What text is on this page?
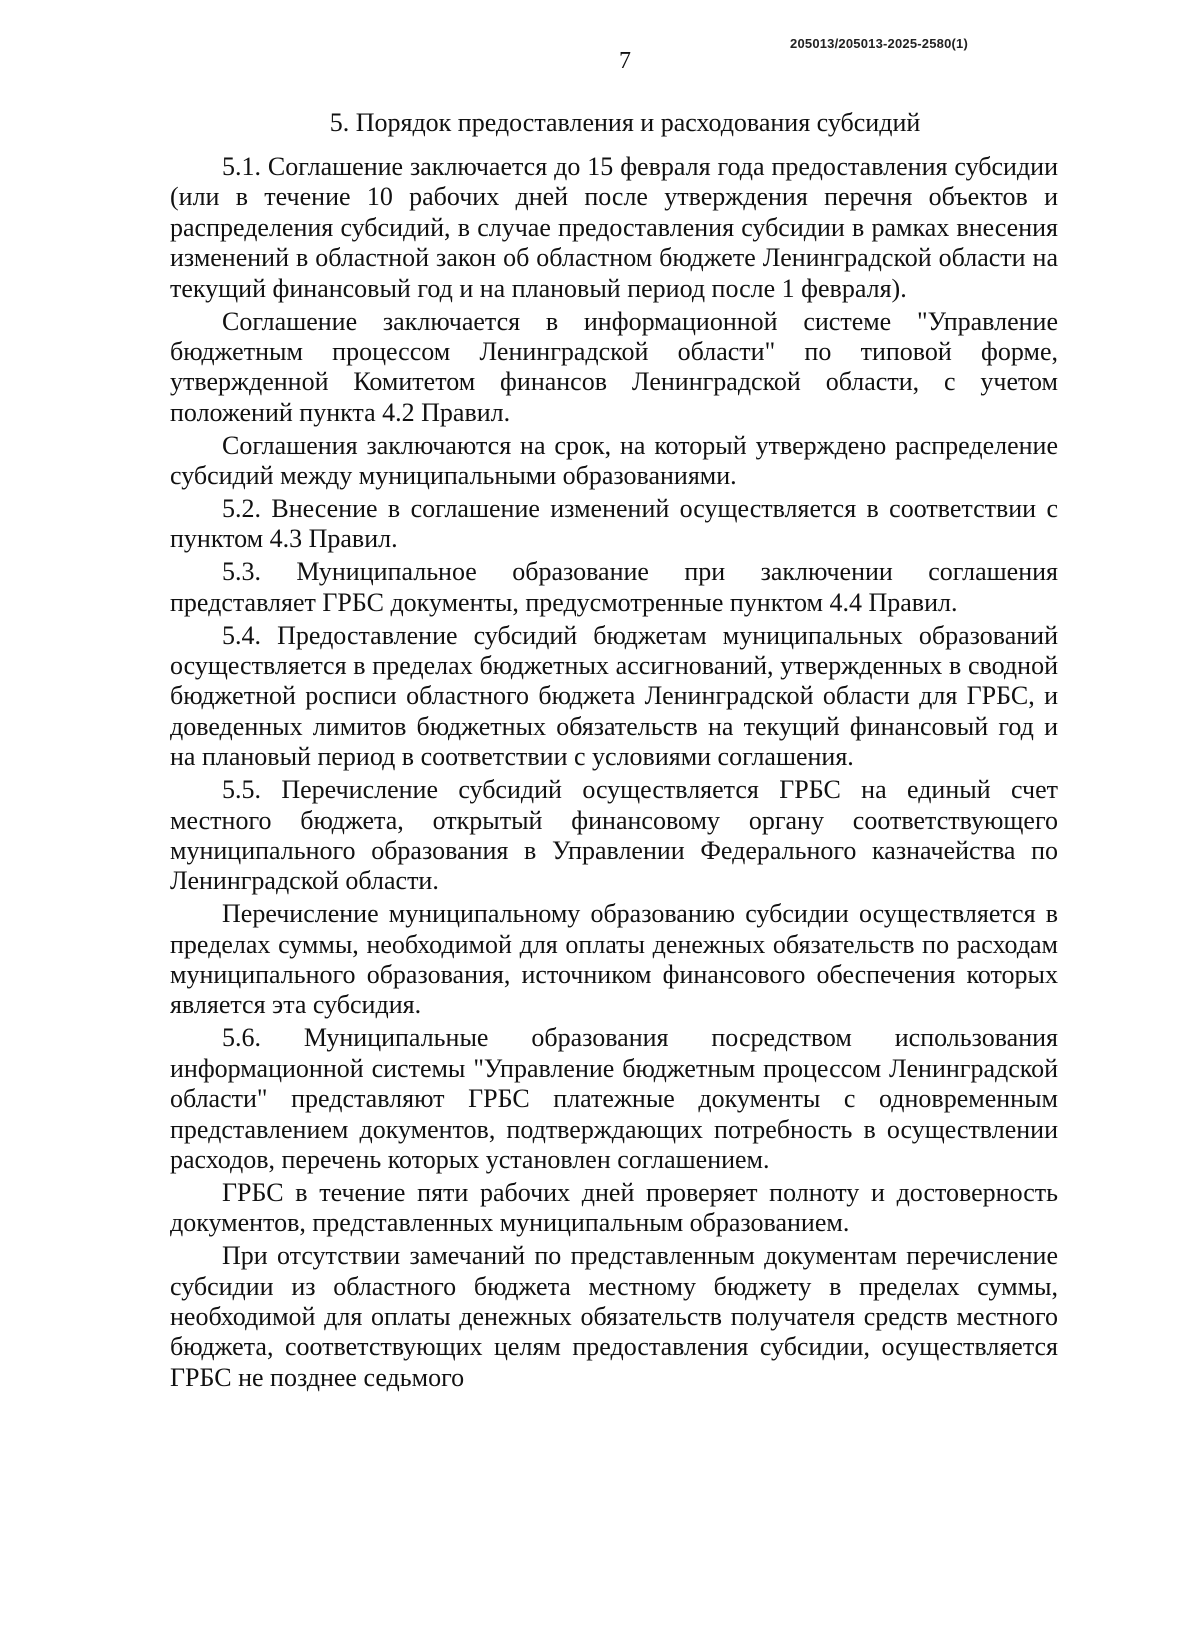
205013/205013-2025-2580(1)
7
5. Порядок предоставления и расходования субсидий

5.1. Соглашение заключается до 15 февраля года предоставления субсидии (или в течение 10 рабочих дней после утверждения перечня объектов и распределения субсидий, в случае предоставления субсидии в рамках внесения изменений в областной закон об областном бюджете Ленинградской области на текущий финансовый год и на плановый период после 1 февраля).

Соглашение заключается в информационной системе "Управление бюджетным процессом Ленинградской области" по типовой форме, утвержденной Комитетом финансов Ленинградской области, с учетом положений пункта 4.2 Правил.

Соглашения заключаются на срок, на который утверждено распределение субсидий между муниципальными образованиями.

5.2. Внесение в соглашение изменений осуществляется в соответствии с пунктом 4.3 Правил.

5.3. Муниципальное образование при заключении соглашения представляет ГРБС документы, предусмотренные пунктом 4.4 Правил.

5.4. Предоставление субсидий бюджетам муниципальных образований осуществляется в пределах бюджетных ассигнований, утвержденных в сводной бюджетной росписи областного бюджета Ленинградской области для ГРБС, и доведенных лимитов бюджетных обязательств на текущий финансовый год и на плановый период в соответствии с условиями соглашения.

5.5. Перечисление субсидий осуществляется ГРБС на единый счет местного бюджета, открытый финансовому органу соответствующего муниципального образования в Управлении Федерального казначейства по Ленинградской области.

Перечисление муниципальному образованию субсидии осуществляется в пределах суммы, необходимой для оплаты денежных обязательств по расходам муниципального образования, источником финансового обеспечения которых является эта субсидия.

5.6. Муниципальные образования посредством использования информационной системы "Управление бюджетным процессом Ленинградской области" представляют ГРБС платежные документы с одновременным представлением документов, подтверждающих потребность в осуществлении расходов, перечень которых установлен соглашением.

ГРБС в течение пяти рабочих дней проверяет полноту и достоверность документов, представленных муниципальным образованием.

При отсутствии замечаний по представленным документам перечисление субсидии из областного бюджета местному бюджету в пределах суммы, необходимой для оплаты денежных обязательств получателя средств местного бюджета, соответствующих целям предоставления субсидии, осуществляется ГРБС не позднее седьмого
